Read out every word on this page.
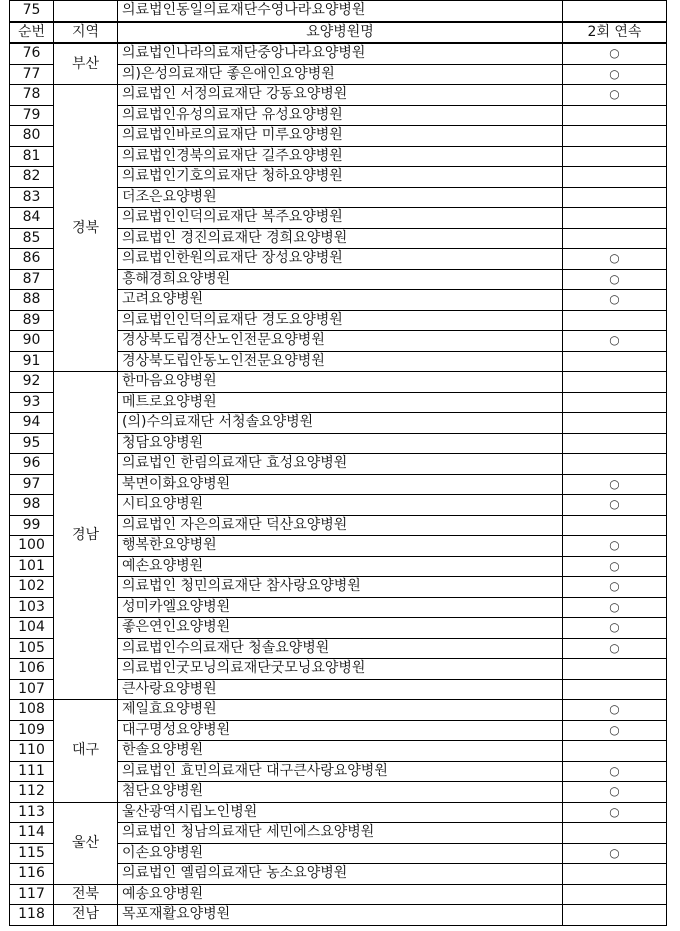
75		의료법인동일의료재단수영나라요양병원	
순번	지역	요양병원명	2회 연속
76	부산	의료법인나라의료재단중앙나라요양병원	○
77		의)은성의료재단 좋은애인요양병원	○
78	경북	의료법인 서정의료재단 강동요양병원	○
79		의료법인유성의료재단 유성요양병원	
80		의료법인바로의료재단 미루요양병원	
81		의료법인경북의료재단 길주요양병원	
82		의료법인기호의료재단 청하요양병원	
83		더조은요양병원	
84		의료법인인덕의료재단 복주요양병원	
85		의료법인 경진의료재단 경희요양병원	
86		의료법인한원의료재단 장성요양병원	○
87		흥해경희요양병원	○
88		고려요양병원	○
89		의료법인인덕의료재단 경도요양병원	
90		경상북도립경산노인전문요양병원	○
91		경상북도립안동노인전문요양병원	
92	경남	한마음요양병원	
93		메트로요양병원	
94		(의)수의료재단 서청솔요양병원	
95		청담요양병원	
96		의료법인 한림의료재단 효성요양병원	
97		북면이화요양병원	○
98		시티요양병원	○
99		의료법인 자은의료재단 덕산요양병원	
100		행복한요양병원	○
101		예손요양병원	○
102		의료법인 청민의료재단 참사랑요양병원	○
103		성미카엘요양병원	○
104		좋은연인요양병원	○
105		의료법인수의료재단 청솔요양병원	○
106		의료법인굿모닝의료재단굿모닝요양병원	
107		큰사랑요양병원	
108	대구	제일효요양병원	○
109		대구명성요양병원	○
110		한솔요양병원	
111		의료법인 효민의료재단 대구큰사랑요양병원	○
112		첨단요양병원	○
113	울산	울산광역시립노인병원	○
114		의료법인 청남의료재단 세민에스요양병원	
115		이손요양병원	○
116		의료법인 옐림의료재단 농소요양병원	
117	전북	예송요양병원	
118	전남	목포재활요양병원	
